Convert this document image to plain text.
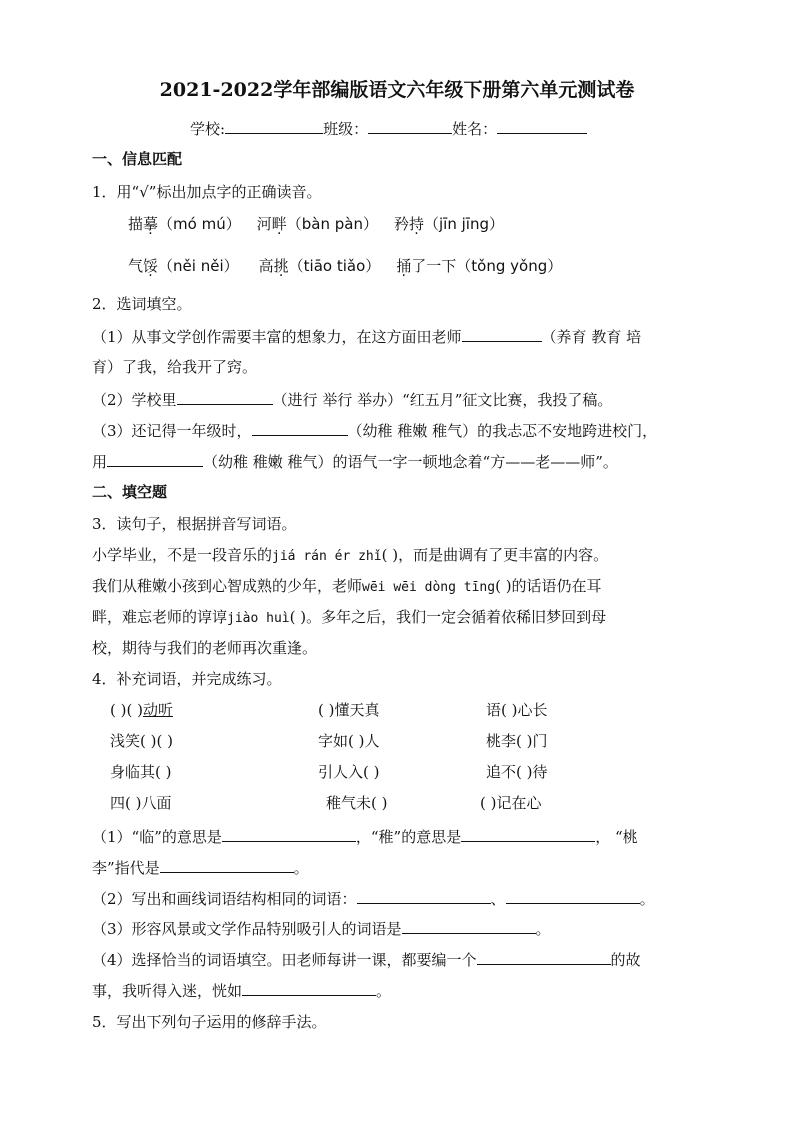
2021-2022学年部编版语文六年级下册第六单元测试卷
学校:	班级：	姓名：
一、信息匹配
1．用“√”标出加点字的正确读音。
描摹（mó mú） 河畔（bàn pàn） 矜持（jīn jīng）
气馁（něi něi） 高挑（tiāo tiǎo） 捅了一下（tǒng yǒng）
2．选词填空。
（1）从事文学创作需要丰富的想象力，在这方面田老师	（养育 教育 培
育）了我，给我开了窍。
（2）学校里	（进行 举行 举办）“红五月”征文比赛，我投了稿。
（3）还记得一年级时，	（幼稚 稚嫩 稚气）的我忐忑不安地跨进校门，
用	（幼稚 稚嫩 稚气）的语气一字一顿地念着“方——老——师”。
二、填空题
3．读句子，根据拼音写词语。
小学毕业，不是一段音乐的jiá rán ér zhǐ( )，而是曲调有了更丰富的内容。
我们从稚嫩小孩到心智成熟的少年，老师wēi wēi dòng tīng( )的话语仍在耳
畔，难忘老师的谆谆jiào huì( )。多年之后，我们一定会循着依稀旧梦回到母
校，期待与我们的老师再次重逢。
4．补充词语，并完成练习。
( )( )动听	( )懂天真	语( )心长
浅笑( )( )	字如( )人	桃李( )门
身临其( )	引人入( )	追不( )待
四( )八面	稚气未( )	( )记在心
（1）“临”的意思是	，“稚”的意思是	， “桃
李”指代是	。
（2）写出和画线词语结构相同的词语：	、	。
（3）形容风景或文学作品特别吸引人的词语是	。
（4）选择恰当的词语填空。田老师每讲一课，都要编一个	的故
事，我听得入迷，恍如	。
5．写出下列句子运用的修辞手法。
